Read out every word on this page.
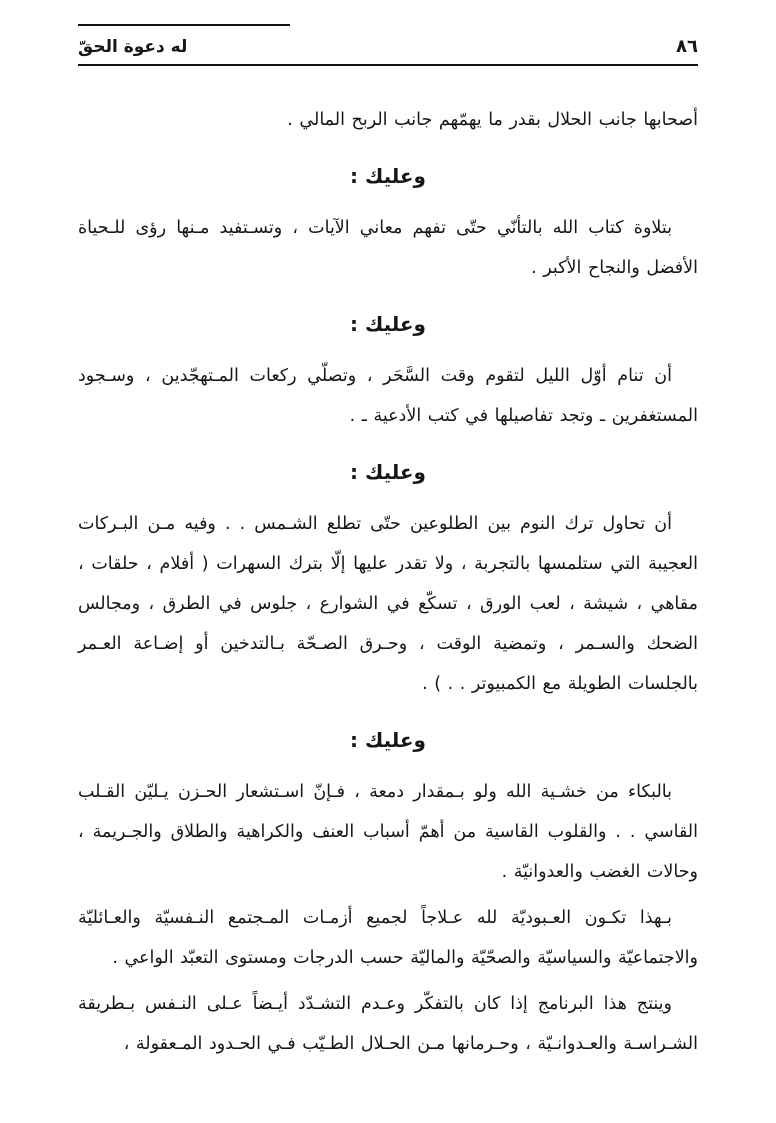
٨٦
له دعوة الحقّ
أصحابها جانب الحلال بقدر ما يهمّهم جانب الربح المالي .
وعليك :
بتلاوة كتاب الله بالتأنّي حتّى تفهم معاني الآيات ، وتسـتفيد مـنها رؤى للـحياة الأفضل والنجاح الأكبر .
وعليك :
أن تنام أوّل الليل لتقوم وقت السَّحَر ، وتصلّي ركعات المـتهجّدين ، وسـجود المستغفرين ـ وتجد تفاصيلها في كتب الأدعية ـ .
وعليك :
أن تحاول ترك النوم بين الطلوعين حتّى تطلع الشـمس . . وفيه مـن البـركات العجيبة التي ستلمسها بالتجربة ، ولا تقدر عليها إلّا بترك السهرات ( أفلام ، حلقات ، مقاهي ، شيشة ، لعب الورق ، تسكّع في الشوارع ، جلوس في الطرق ، ومجالس الضحك والسـمر ، وتمضية الوقت ، وحـرق الصـحّة بـالتدخين أو إضـاعة العـمر بالجلسات الطويلة مع الكمبيوتر . . ) .
وعليك :
بالبكاء من خشـية الله ولو بـمقدار دمعة ، فـإنّ اسـتشعار الحـزن يـليّن القـلب القاسي . . والقلوب القاسية من أهمّ أسباب العنف والكراهية والطلاق والجـريمة ، وحالات الغضب والعدوانيّة .
بـهذا تكـون العـبوديّة لله عـلاجاً لجميع أزمـات المـجتمع النـفسيّة والعـائليّة والاجتماعيّة والسياسيّة والصحّيّة والماليّة حسب الدرجات ومستوى التعبّد الواعي .
وينتج هذا البرنامج إذا كان بالتفكّر وعـدم التشـدّد أيـضاً عـلى النـفس بـطريقة الشـراسـة والعـدوانـيّة ، وحـرمانها مـن الحـلال الطـيّب فـي الحـدود المـعقولة ،
